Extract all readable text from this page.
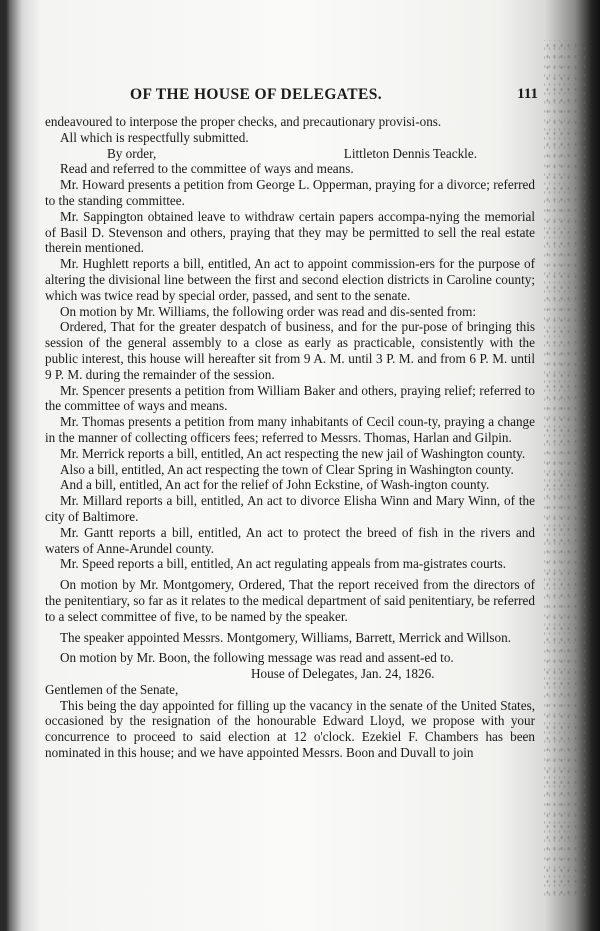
OF THE HOUSE OF DELEGATES.	111

endeavoured to interpose the proper checks, and precautionary provisi-ons.

All which is respectfully submitted.

By order,	Littleton Dennis Teackle.

Read and referred to the committee of ways and means.

Mr. Howard presents a petition from George L. Opperman, praying for a divorce; referred to the standing committee.

Mr. Sappington obtained leave to withdraw certain papers accompa-nying the memorial of Basil D. Stevenson and others, praying that they may be permitted to sell the real estate therein mentioned.

Mr. Hughlett reports a bill, entitled, An act to appoint commission-ers for the purpose of altering the divisional line between the first and second election districts in Caroline county; which was twice read by special order, passed, and sent to the senate.

On motion by Mr. Williams, the following order was read and dis-sented from:

Ordered, That for the greater despatch of business, and for the pur-pose of bringing this session of the general assembly to a close as early as practicable, consistently with the public interest, this house will hereafter sit from 9 A. M. until 3 P. M. and from 6 P. M. until 9 P. M. during the remainder of the session.

Mr. Spencer presents a petition from William Baker and others, praying relief; referred to the committee of ways and means.

Mr. Thomas presents a petition from many inhabitants of Cecil coun-ty, praying a change in the manner of collecting officers fees; referred to Messrs. Thomas, Harlan and Gilpin.

Mr. Merrick reports a bill, entitled, An act respecting the new jail of Washington county.

Also a bill, entitled, An act respecting the town of Clear Spring in Washington county.

And a bill, entitled, An act for the relief of John Eckstine, of Wash-ington county.

Mr. Millard reports a bill, entitled, An act to divorce Elisha Winn and Mary Winn, of the city of Baltimore.

Mr. Gantt reports a bill, entitled, An act to protect the breed of fish in the rivers and waters of Anne-Arundel county.

Mr. Speed reports a bill, entitled, An act regulating appeals from ma-gistrates courts.

On motion by Mr. Montgomery, Ordered, That the report received from the directors of the penitentiary, so far as it relates to the medical department of said penitentiary, be referred to a select committee of five, to be named by the speaker.

The speaker appointed Messrs. Montgomery, Williams, Barrett, Merrick and Willson.

On motion by Mr. Boon, the following message was read and assent-ed to.

House of Delegates, Jan. 24, 1826.

Gentlemen of the Senate,

This being the day appointed for filling up the vacancy in the senate of the United States, occasioned by the resignation of the honourable Edward Lloyd, we propose with your concurrence to proceed to said election at 12 o'clock. Ezekiel F. Chambers has been nominated in this house; and we have appointed Messrs. Boon and Duvall to join
